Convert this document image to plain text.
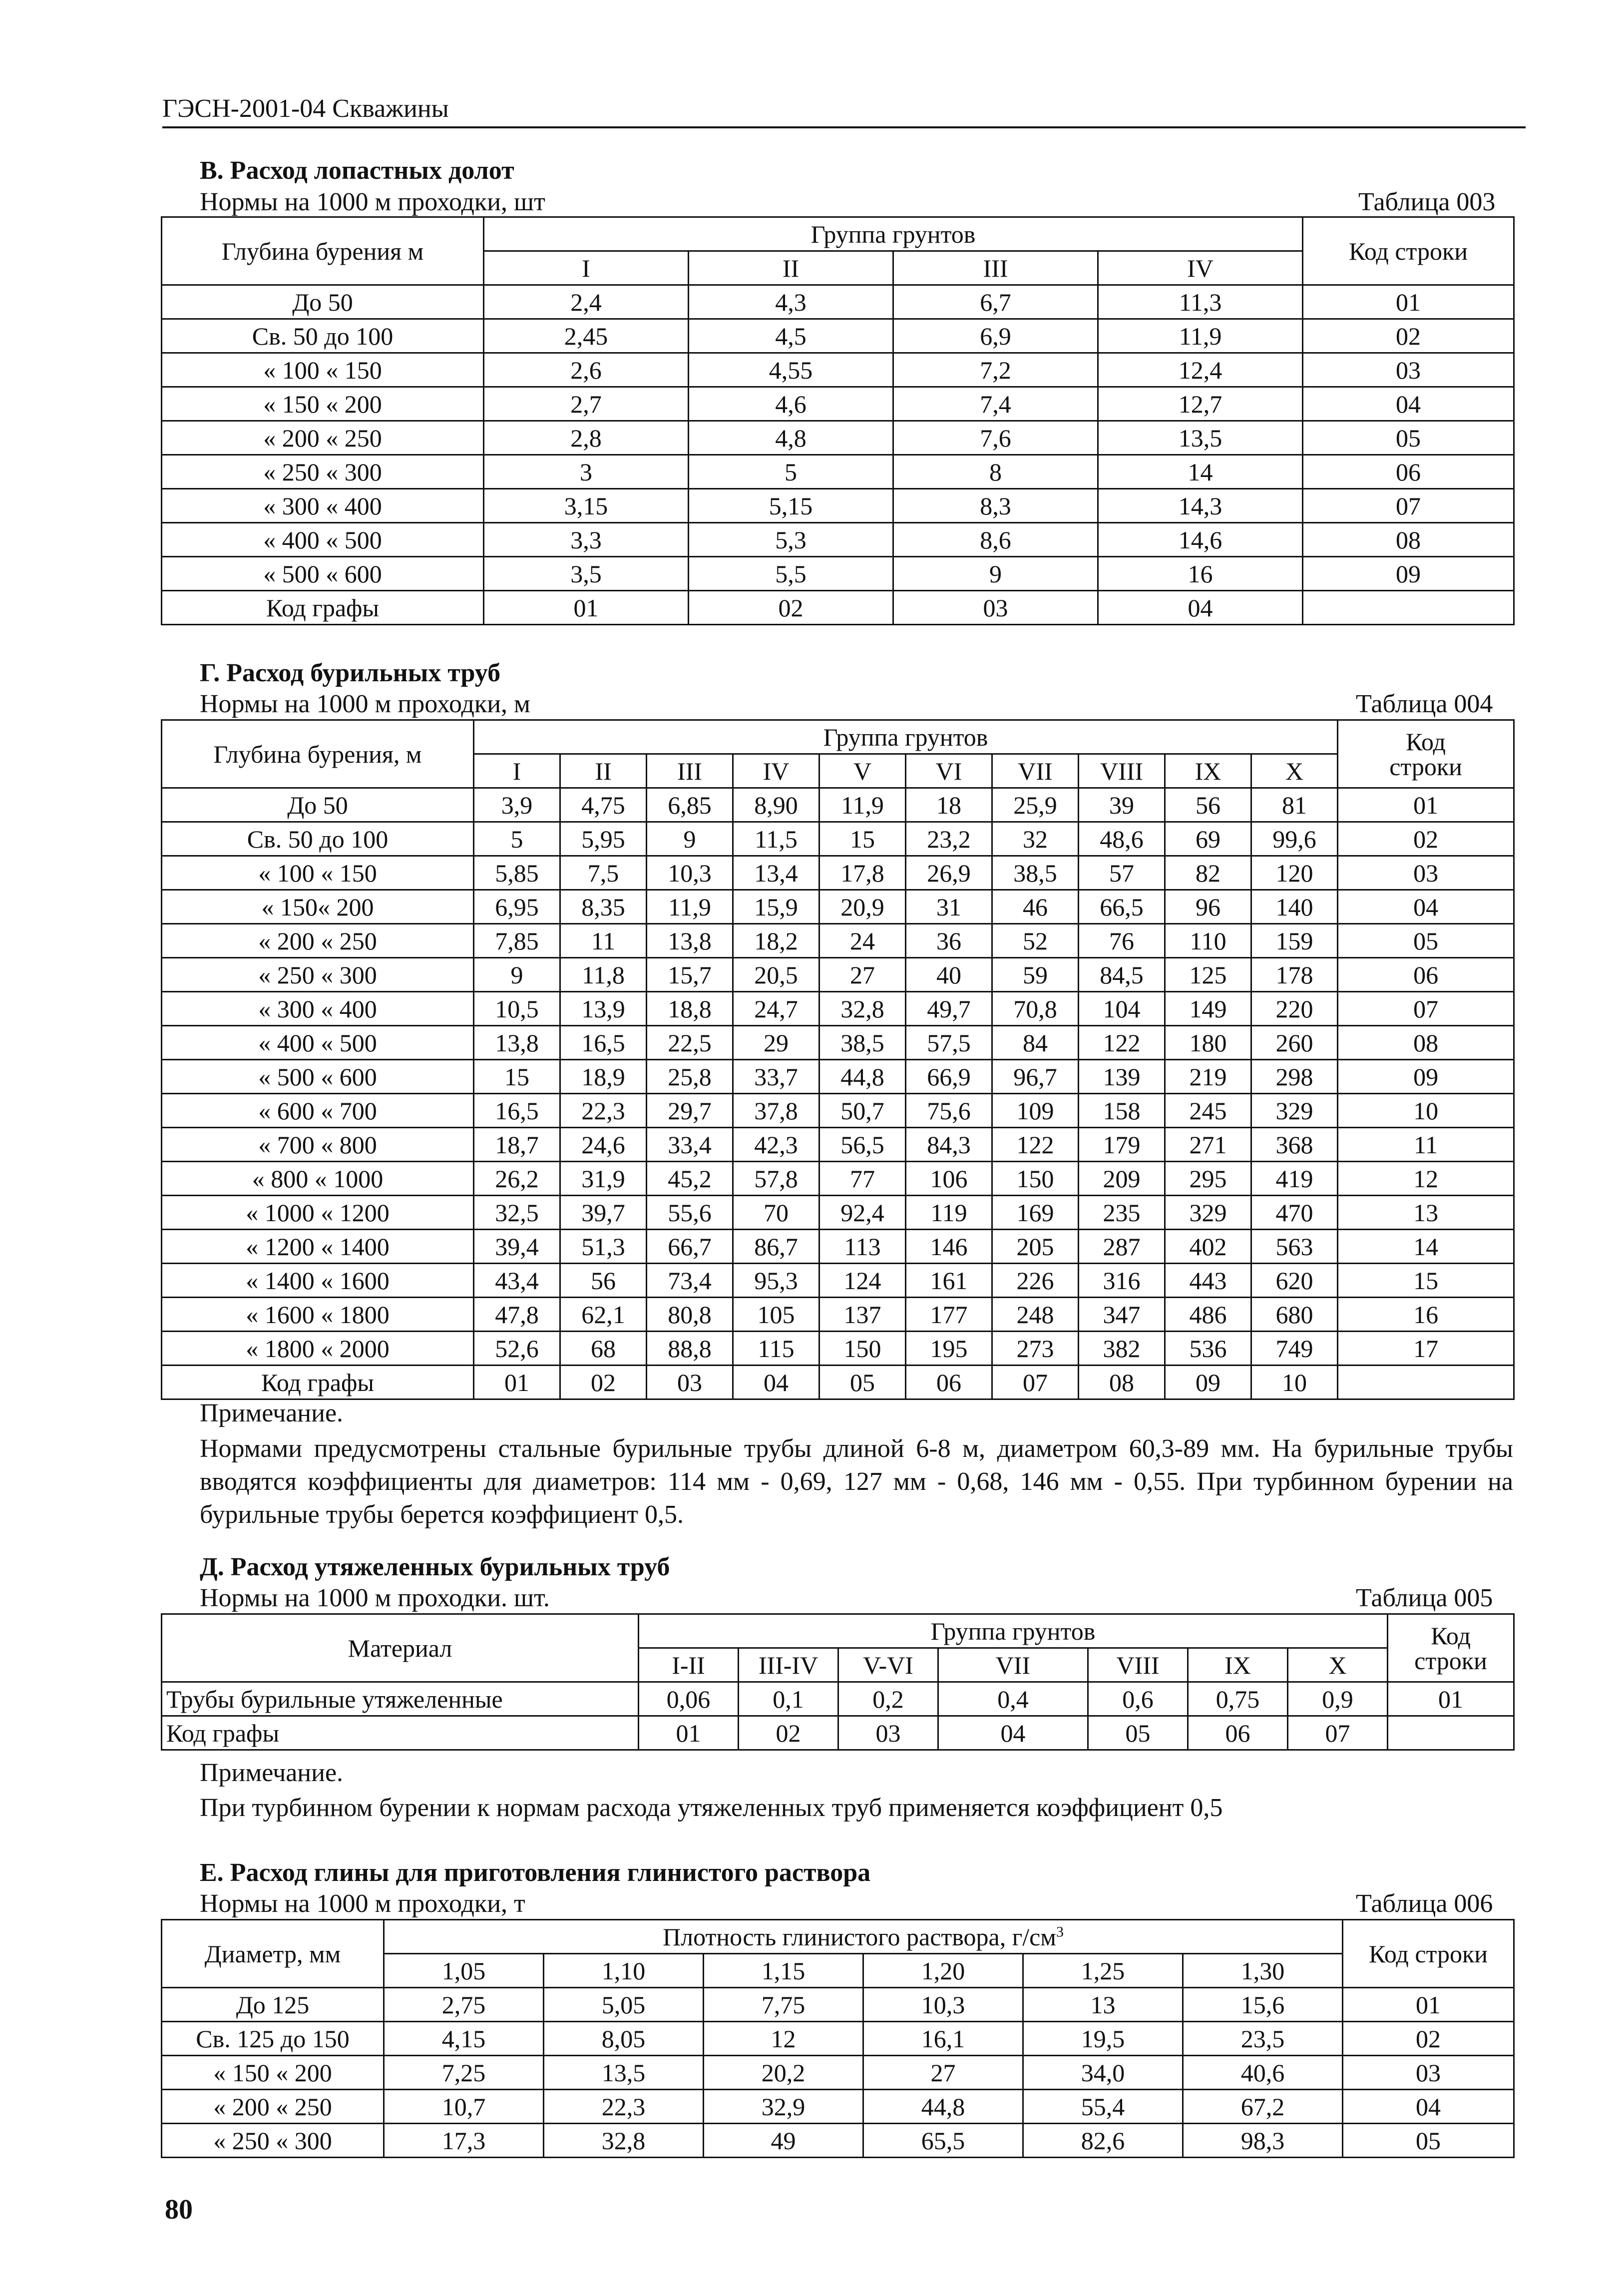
ГЭСН-2001-04 Скважины
В. Расход лопастных долот
Нормы на 1000 м проходки, шт	Таблица 003
Глубина бурения м	Группа грунтов				Код строки
	I	II	III	IV	
До 50	2,4	4,3	6,7	11,3	01
Св. 50 до 100	2,45	4,5	6,9	11,9	02
« 100 « 150	2,6	4,55	7,2	12,4	03
« 150 « 200	2,7	4,6	7,4	12,7	04
« 200 « 250	2,8	4,8	7,6	13,5	05
« 250 « 300	3	5	8	14	06
« 300 « 400	3,15	5,15	8,3	14,3	07
« 400 « 500	3,3	5,3	8,6	14,6	08
« 500 « 600	3,5	5,5	9	16	09
Код графы	01	02	03	04	
Г. Расход бурильных труб
Нормы на 1000 м проходки, м	Таблица 004
Глубина бурения, м	Группа грунтов										Код
строки

	I	II	III	IV	V	VI	VII	VIII	IX	X	
До 50	3,9	4,75	6,85	8,90	11,9	18	25,9	39	56	81	01
Св. 50 до 100	5	5,95	9	11,5	15	23,2	32	48,6	69	99,6	02
« 100 « 150	5,85	7,5	10,3	13,4	17,8	26,9	38,5	57	82	120	03
« 150« 200	6,95	8,35	11,9	15,9	20,9	31	46	66,5	96	140	04
« 200 « 250	7,85	11	13,8	18,2	24	36	52	76	110	159	05
« 250 « 300	9	11,8	15,7	20,5	27	40	59	84,5	125	178	06
« 300 « 400	10,5	13,9	18,8	24,7	32,8	49,7	70,8	104	149	220	07
« 400 « 500	13,8	16,5	22,5	29	38,5	57,5	84	122	180	260	08
« 500 « 600	15	18,9	25,8	33,7	44,8	66,9	96,7	139	219	298	09
« 600 « 700	16,5	22,3	29,7	37,8	50,7	75,6	109	158	245	329	10
« 700 « 800	18,7	24,6	33,4	42,3	56,5	84,3	122	179	271	368	11
« 800 « 1000	26,2	31,9	45,2	57,8	77	106	150	209	295	419	12
« 1000 « 1200	32,5	39,7	55,6	70	92,4	119	169	235	329	470	13
« 1200 « 1400	39,4	51,3	66,7	86,7	113	146	205	287	402	563	14
« 1400 « 1600	43,4	56	73,4	95,3	124	161	226	316	443	620	15
« 1600 « 1800	47,8	62,1	80,8	105	137	177	248	347	486	680	16
« 1800 « 2000	52,6	68	88,8	115	150	195	273	382	536	749	17
Код графы	01	02	03	04	05	06	07	08	09	10	
Примечание.
Нормами предусмотрены стальные бурильные трубы длиной 6-8 м, диаметром 60,3-89 мм. На бурильные трубы вводятся коэффициенты для диаметров: 114 мм - 0,69, 127 мм - 0,68, 146 мм - 0,55. При турбинном бурении на бурильные трубы берется коэффициент 0,5.
Д. Расход утяжеленных бурильных труб
Нормы на 1000 м проходки. шт.	Таблица 005
Материал	Группа грунтов							Код
строки

	I-II	III-IV	V-VI	VII	VIII	IX	X	
Трубы бурильные утяжеленные	0,06	0,1	0,2	0,4	0,6	0,75	0,9	01
Код графы	01	02	03	04	05	06	07	
Примечание.
При турбинном бурении к нормам расхода утяжеленных труб применяется коэффициент 0,5
Е. Расход глины для приготовления глинистого раствора
Нормы на 1000 м проходки, т	Таблица 006
Диаметр, мм	Плотность глинистого раствора, $г/см^3$						Код строки
	1,05	1,10	1,15	1,20	1,25	1,30	
До 125	2,75	5,05	7,75	10,3	13	15,6	01
Св. 125 до 150	4,15	8,05	12	16,1	19,5	23,5	02
« 150 « 200	7,25	13,5	20,2	27	34,0	40,6	03
« 200 « 250	10,7	22,3	32,9	44,8	55,4	67,2	04
« 250 « 300	17,3	32,8	49	65,5	82,6	98,3	05
80
